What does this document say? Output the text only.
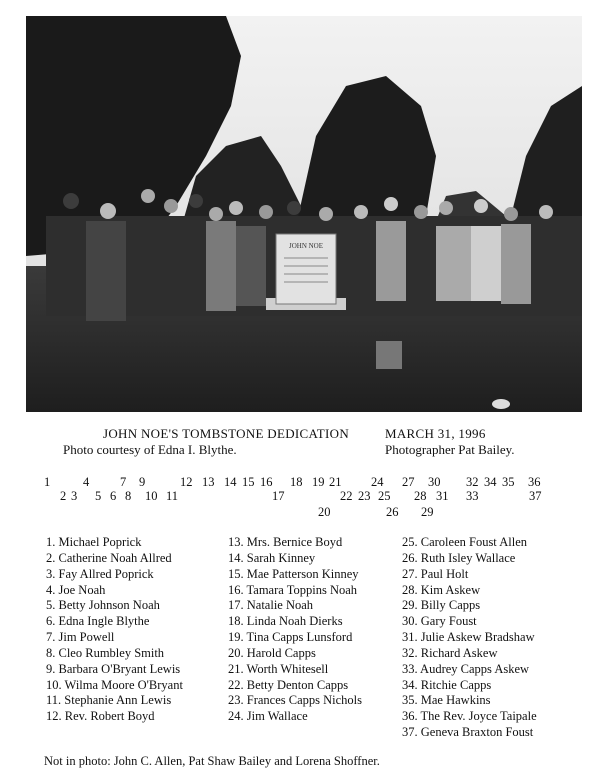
JOHN NOE
JOHN NOE'S TOMBSTONE DEDICATION	MARCH 31, 1996
Photo courtesy of Edna I. Blythe.	Photographer Pat Bailey.
1	4 7 9	12 13 14 15 16 18 19 21 24 27 30 32 34 35 36
2 3 5 6 8 10 11	17	22 23 25 28 31 33	37
20	26 29
1. Michael Poprick
2. Catherine Noah Allred
3. Fay Allred Poprick
4. Joe Noah
5. Betty Johnson Noah
6. Edna Ingle Blythe
7. Jim Powell
8. Cleo Rumbley Smith
9. Barbara O'Bryant Lewis
10. Wilma Moore O'Bryant
11. Stephanie Ann Lewis
12. Rev. Robert Boyd
13. Mrs. Bernice Boyd
14. Sarah Kinney
15. Mae Patterson Kinney
16. Tamara Toppins Noah
17. Natalie Noah
18. Linda Noah Dierks
19. Tina Capps Lunsford
20. Harold Capps
21. Worth Whitesell
22. Betty Denton Capps
23. Frances Capps Nichols
24. Jim Wallace
25. Caroleen Foust Allen
26. Ruth Isley Wallace
27. Paul Holt
28. Kim Askew
29. Billy Capps
30. Gary Foust
31. Julie Askew Bradshaw
32. Richard Askew
33. Audrey Capps Askew
34. Ritchie Capps
35. Mae Hawkins
36. The Rev. Joyce Taipale
37. Geneva Braxton Foust
Not in photo: John C. Allen, Pat Shaw Bailey and Lorena Shoffner.
